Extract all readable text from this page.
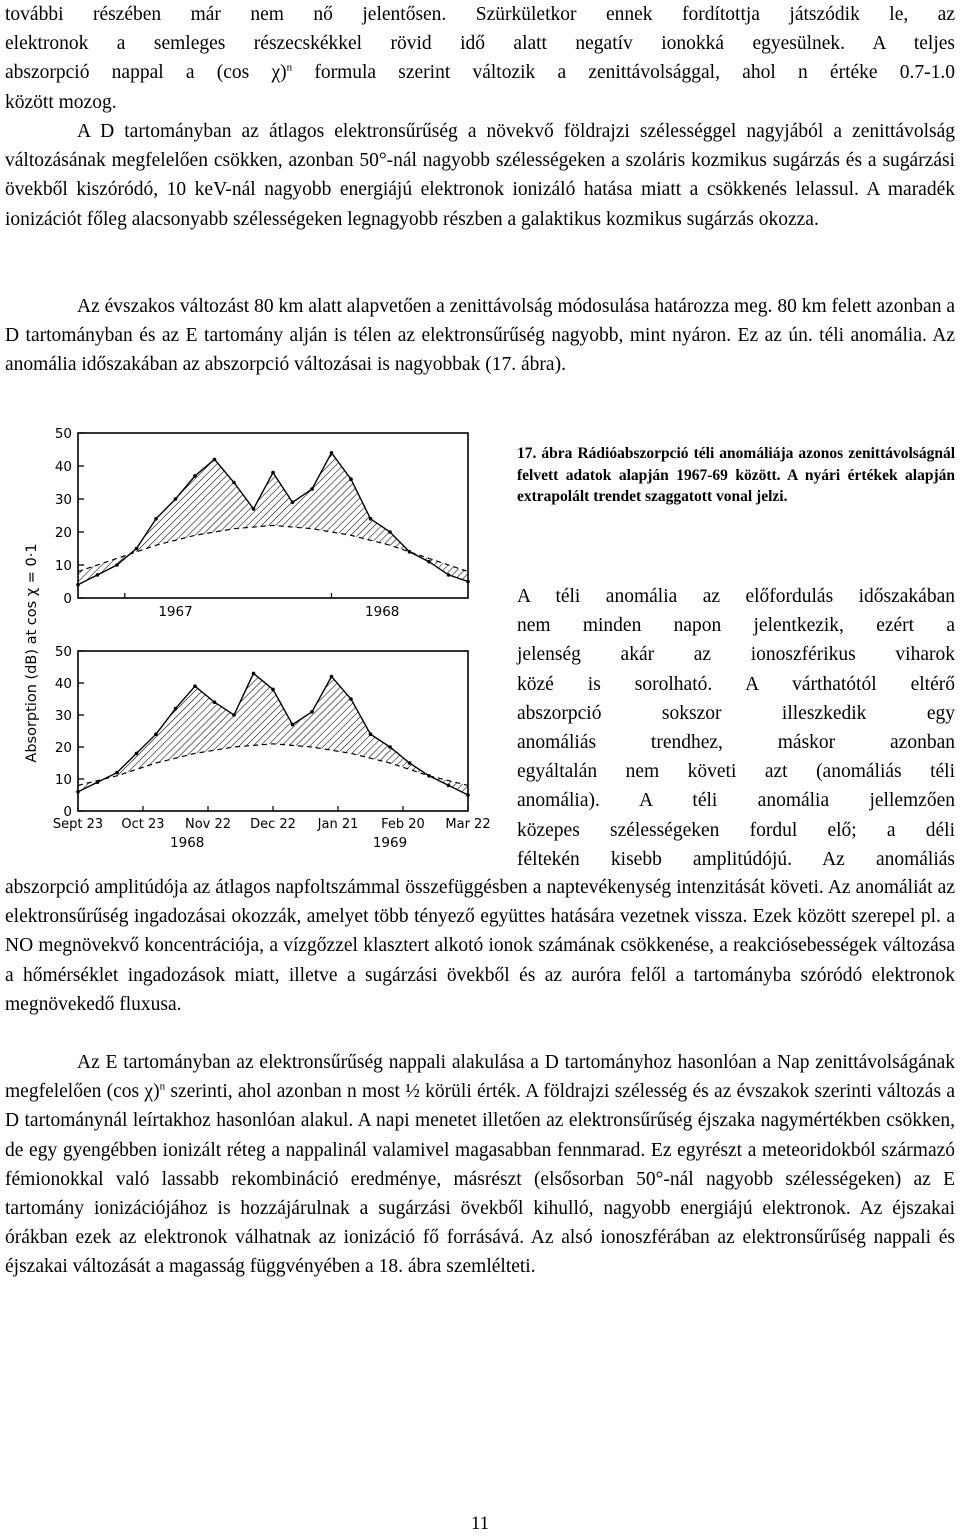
további részében már nem nő jelentősen. Szürkületkor ennek fordítottja játszódik le, az
elektronok a semleges részecskékkel rövid idő alatt negatív ionokká egyesülnek. A teljes
abszorpció nappal a (cos χ)$^n$ formula szerint változik a zenittávolsággal, ahol n értéke 0.7-1.0
között mozog.

A D tartományban az átlagos elektronsűrűség a növekvő földrajzi szélességgel nagyjából a zenittávolság változásának megfelelően csökken, azonban 50°-nál nagyobb szélességeken a szoláris kozmikus sugárzás és a sugárzási övekből kiszóródó, 10 keV-nál nagyobb energiájú elektronok ionizáló hatása miatt a csökkenés lelassul. A maradék ionizációt főleg alacsonyabb szélességeken legnagyobb részben a galaktikus kozmikus sugárzás okozza.

Az évszakos változást 80 km alatt alapvetően a zenittávolság módosulása határozza meg. 80 km felett azonban a D tartományban és az E tartomány alján is télen az elektronsűrűség nagyobb, mint nyáron. Ez az ún. téli anomália. Az anomália időszakában az abszorpció változásai is nagyobbak (17. ábra).

Absorption (dB) at cos χ = 0·1 0
10
20
30
40
50
1967	1968
0
10
20
30
40
50
Sept 23 Oct 23 Nov 22 Dec 22 Jan 21 Feb 20 Mar 22
1968	1969

17. ábra Rádióabszorpció téli anomáliája azonos zenittávolságnál felvett adatok alapján 1967-69 között. A nyári értékek alapján extrapolált trendet szaggatott vonal jelzi.

A téli anomália az előfordulás időszakában
nem minden napon jelentkezik, ezért a
jelenség akár az ionoszférikus viharok
közé is sorolható. A várthatótól eltérő
abszorpció sokszor illeszkedik egy
anomáliás trendhez, máskor azonban
egyáltalán nem követi azt (anomáliás téli
anomália). A téli anomália jellemzően
közepes szélességeken fordul elő; a déli
féltekén kisebb amplitúdójú. Az anomáliás

abszorpció amplitúdója az átlagos napfoltszámmal összefüggésben a naptevékenység intenzitását követi. Az anomáliát az elektronsűrűség ingadozásai okozzák, amelyet több tényező együttes hatására vezetnek vissza. Ezek között szerepel pl. a NO megnövekvő koncentrációja, a vízgőzzel klasztert alkotó ionok számának csökkenése, a reakciósebességek változása a hőmérséklet ingadozások miatt, illetve a sugárzási övekből és az auróra felől a tartományba szóródó elektronok megnövekedő fluxusa.

Az E tartományban az elektronsűrűség nappali alakulása a D tartományhoz hasonlóan a Nap zenittávolságának megfelelően (cos χ)$^n$ szerinti, ahol azonban n most ½ körüli érték. A földrajzi szélesség és az évszakok szerinti változás a D tartománynál leírtakhoz hasonlóan alakul. A napi menetet illetően az elektronsűrűség éjszaka nagymértékben csökken, de egy gyengébben ionizált réteg a nappalinál valamivel magasabban fennmarad. Ez egyrészt a meteoridokból származó fémionokkal való lassabb rekombináció eredménye, másrészt (elsősorban 50°-nál nagyobb szélességeken) az E tartomány ionizációjához is hozzájárulnak a sugárzási övekből kihulló, nagyobb energiájú elektronok. Az éjszakai órákban ezek az elektronok válhatnak az ionizáció fő forrásává. Az alsó ionoszférában az elektronsűrűség nappali és éjszakai változását a magasság függvényében a 18. ábra szemlélteti.

11
